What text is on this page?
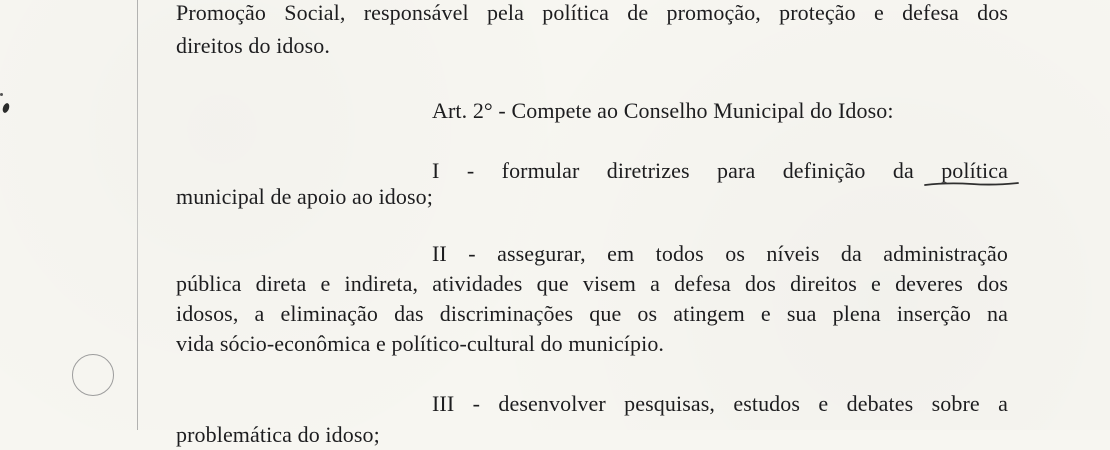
Promoção Social, responsável pela política de promoção, proteção e defesa dos
direitos do idoso.
Art. 2° - Compete ao Conselho Municipal do Idoso:
I - formular diretrizes para definição da política
municipal de apoio ao idoso;
II - assegurar, em todos os níveis da administração
pública direta e indireta, atividades que visem a defesa dos direitos e deveres dos
idosos, a eliminação das discriminações que os atingem e sua plena inserção na
vida sócio-econômica e político-cultural do município.
III - desenvolver pesquisas, estudos e debates sobre a
problemática do idoso;
